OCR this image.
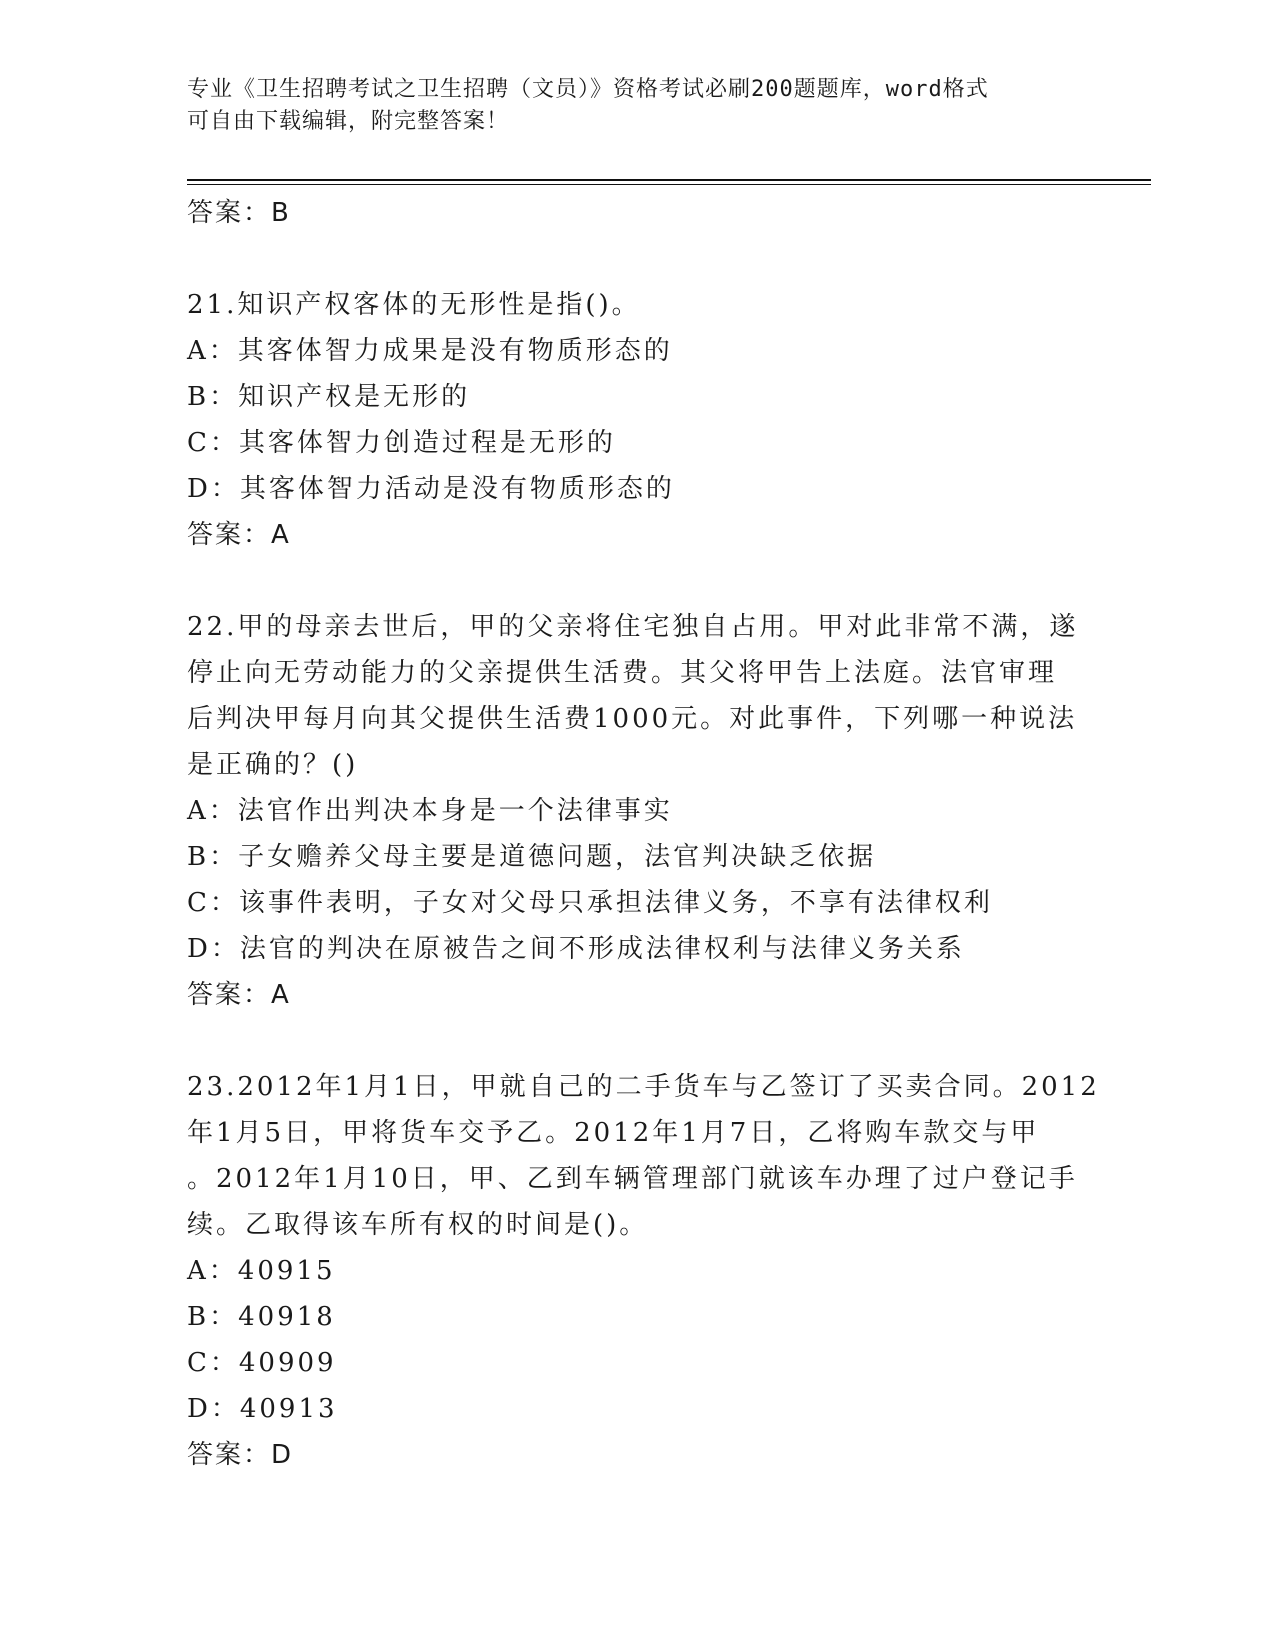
专业《卫生招聘考试之卫生招聘（文员）》资格考试必刷200题题库，word格式
可自由下载编辑，附完整答案！
答案：B
21.知识产权客体的无形性是指()。
A：其客体智力成果是没有物质形态的
B：知识产权是无形的
C：其客体智力创造过程是无形的
D：其客体智力活动是没有物质形态的
答案：A
22.甲的母亲去世后，甲的父亲将住宅独自占用。甲对此非常不满，遂
停止向无劳动能力的父亲提供生活费。其父将甲告上法庭。法官审理
后判决甲每月向其父提供生活费1000元。对此事件，下列哪一种说法
是正确的？()
A：法官作出判决本身是一个法律事实
B：子女赡养父母主要是道德问题，法官判决缺乏依据
C：该事件表明，子女对父母只承担法律义务，不享有法律权利
D：法官的判决在原被告之间不形成法律权利与法律义务关系
答案：A
23.2012年1月1日，甲就自己的二手货车与乙签订了买卖合同。2012
年1月5日，甲将货车交予乙。2012年1月7日，乙将购车款交与甲
。2012年1月10日，甲、乙到车辆管理部门就该车办理了过户登记手
续。乙取得该车所有权的时间是()。
A：40915
B：40918
C：40909
D：40913
答案：D
